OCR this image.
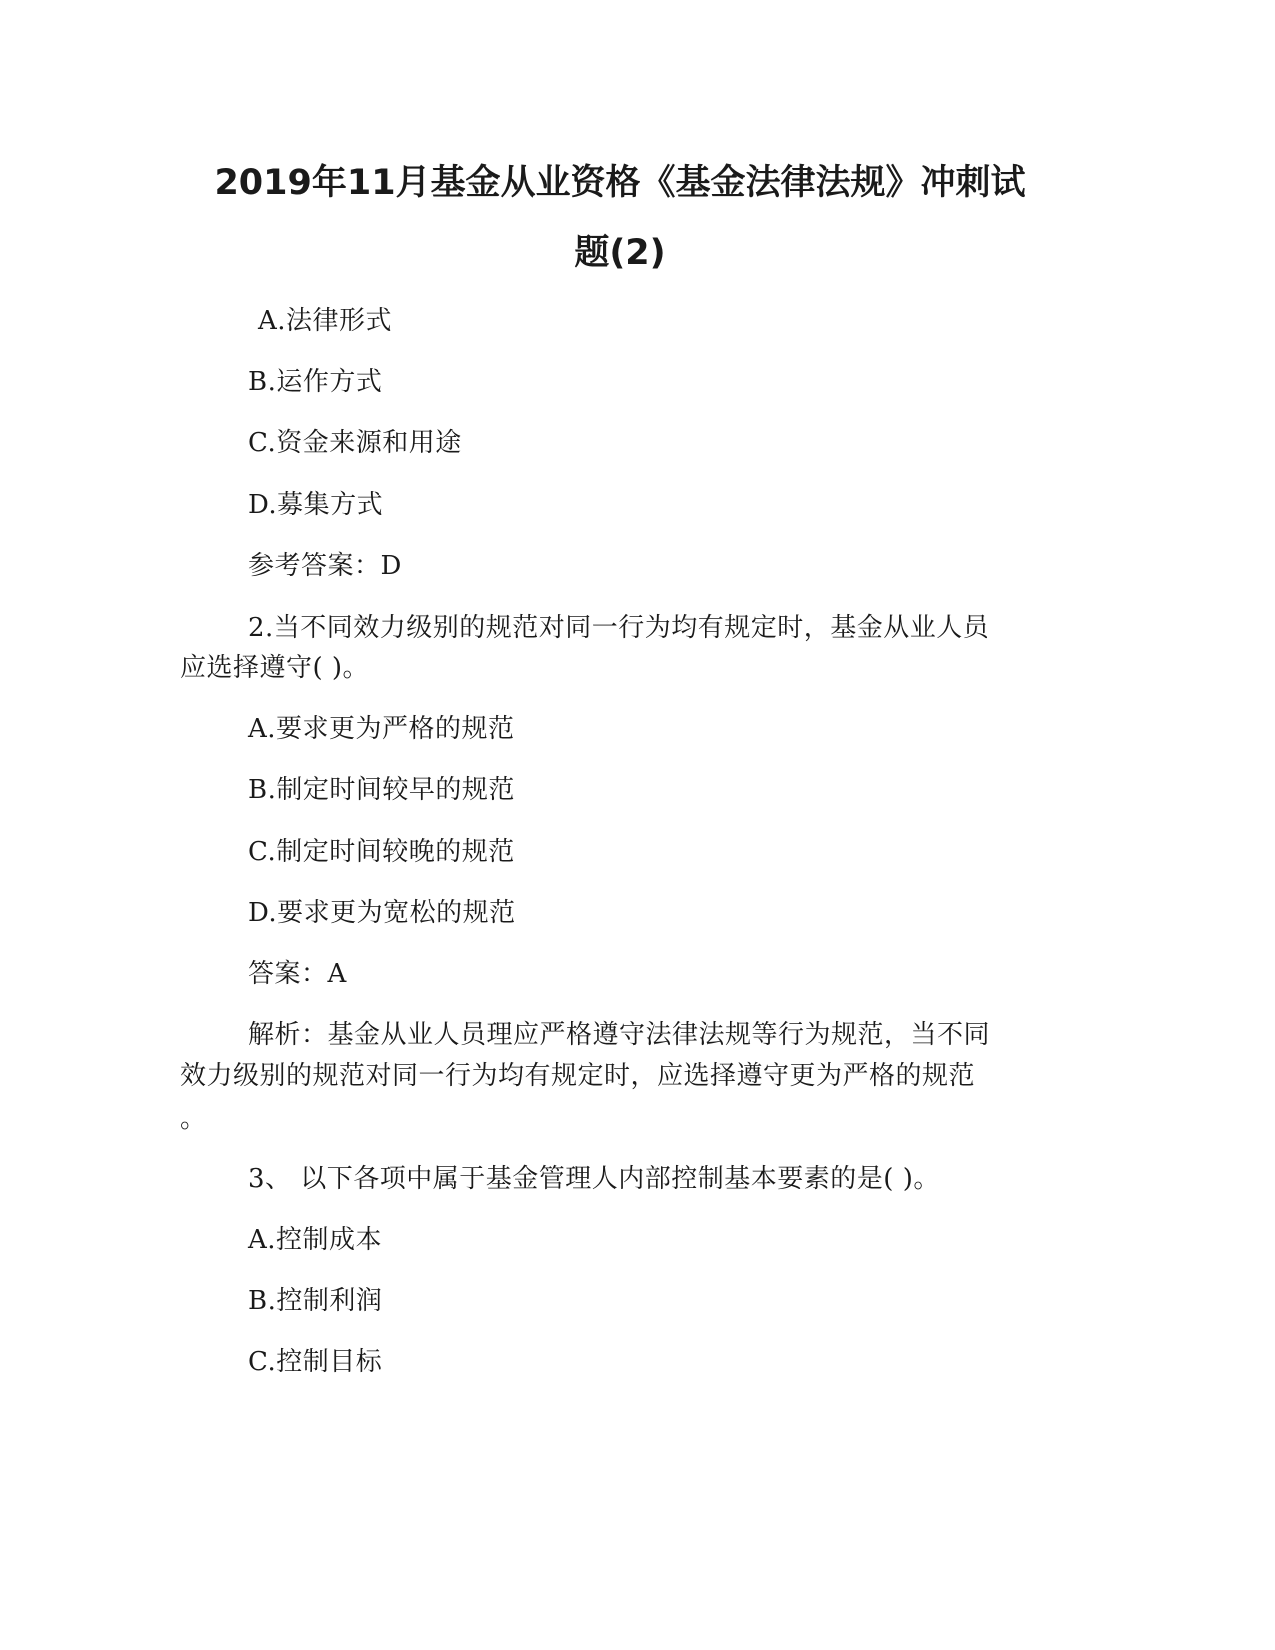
2019年11月基金从业资格《基金法律法规》冲刺试
题(2)
A.法律形式
B.运作方式
C.资金来源和用途
D.募集方式
参考答案：D
2.当不同效力级别的规范对同一行为均有规定时，基金从业人员
应选择遵守( )。
A.要求更为严格的规范
B.制定时间较早的规范
C.制定时间较晚的规范
D.要求更为宽松的规范
答案：A
解析：基金从业人员理应严格遵守法律法规等行为规范，当不同
效力级别的规范对同一行为均有规定时，应选择遵守更为严格的规范
。
3、 以下各项中属于基金管理人内部控制基本要素的是( )。
A.控制成本
B.控制利润
C.控制目标
